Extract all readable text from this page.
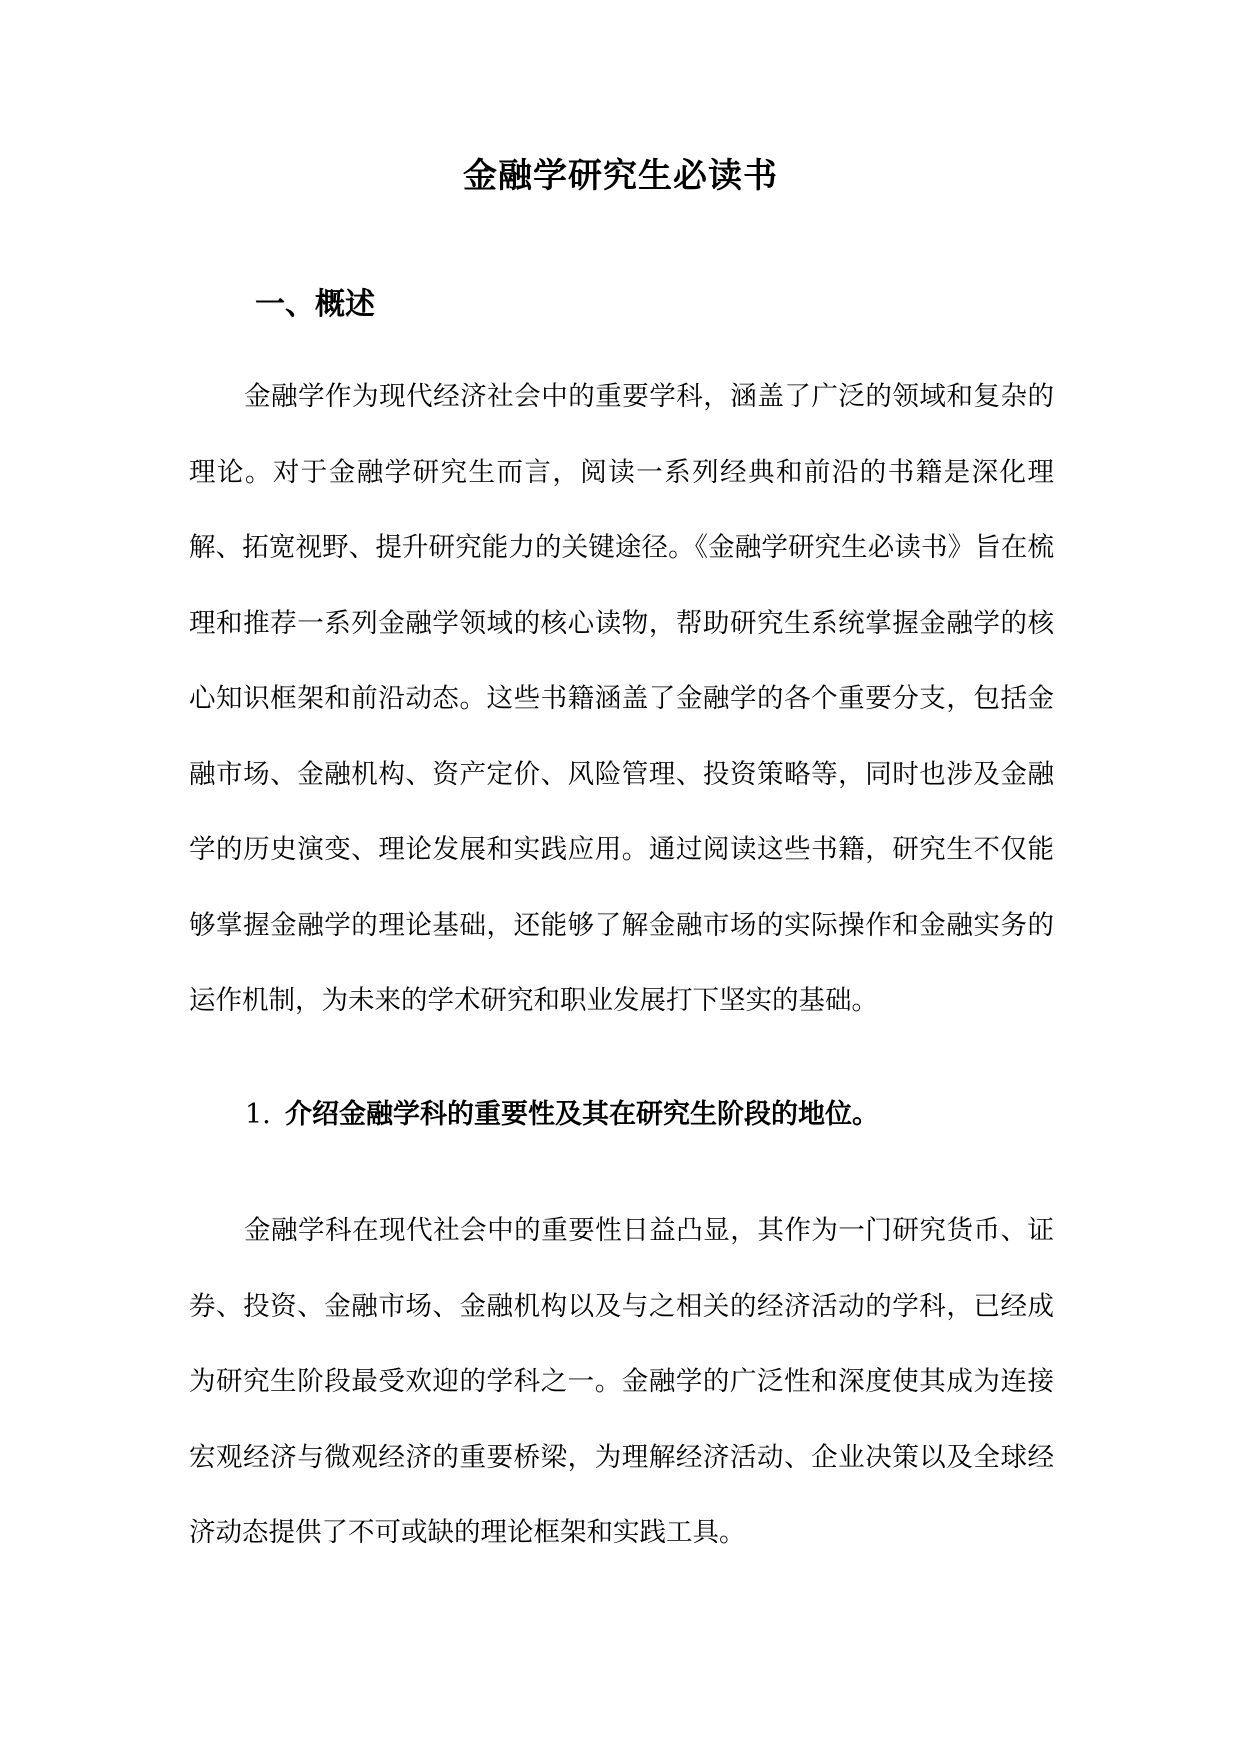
金融学研究生必读书
一、概述

金融学作为现代经济社会中的重要学科，涵盖了广泛的领域和复杂的理论。对于金融学研究生而言，阅读一系列经典和前沿的书籍是深化理解、拓宽视野、提升研究能力的关键途径。《金融学研究生必读书》旨在梳理和推荐一系列金融学领域的核心读物，帮助研究生系统掌握金融学的核心知识框架和前沿动态。这些书籍涵盖了金融学的各个重要分支，包括金融市场、金融机构、资产定价、风险管理、投资策略等，同时也涉及金融学的历史演变、理论发展和实践应用。通过阅读这些书籍，研究生不仅能够掌握金融学的理论基础，还能够了解金融市场的实际操作和金融实务的运作机制，为未来的学术研究和职业发展打下坚实的基础。

1. 介绍金融学科的重要性及其在研究生阶段的地位。

金融学科在现代社会中的重要性日益凸显，其作为一门研究货币、证券、投资、金融市场、金融机构以及与之相关的经济活动的学科，已经成为研究生阶段最受欢迎的学科之一。金融学的广泛性和深度使其成为连接宏观经济与微观经济的重要桥梁，为理解经济活动、企业决策以及全球经济动态提供了不可或缺的理论框架和实践工具。
